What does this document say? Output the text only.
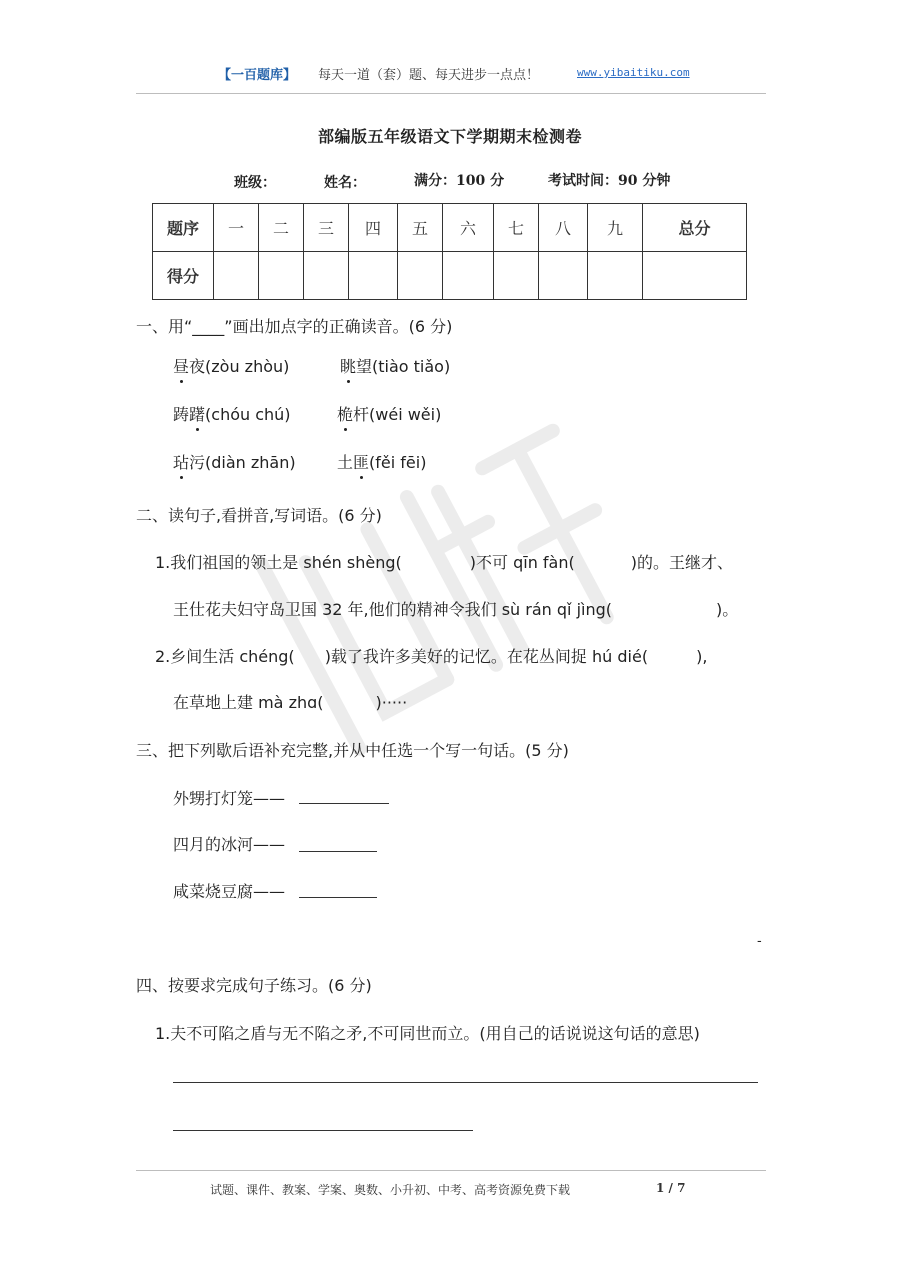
【一百题库】 每天一道（套）题、每天进步一点点！	www.yibaitiku.com
部编版五年级语文下学期期末检测卷
班级：	姓名：	满分：100 分	考试时间：90 分钟
题序	一	二	三	四	五	六	七	八	九	总分
得分										
一、用“____”画出加点字的正确读音。(6 分)
昼夜(zòu zhòu)	眺望(tiào tiǎo)
踌躇(chóu chú)	桅杆(wéi wěi)
玷污(diàn zhān)	土匪(fěi fēi)
二、读句子,看拼音,写词语。(6 分)
1.我们祖国的领土是 shén shèng(	)不可 qīn fàn(	)的。王继才、
王仕花夫妇守岛卫国 32 年,他们的精神令我们 sù rán qǐ jìng(	)。
2.乡间生活 chéng( )载了我许多美好的记忆。在花丛间捉 hú dié(	),
在草地上建 mà zhɑ(	)·····
三、把下列歇后语补充完整,并从中任选一个写一句话。(5 分)
外甥打灯笼——
四月的冰河——
咸菜烧豆腐——
-
四、按要求完成句子练习。(6 分)
1.夫不可陷之盾与无不陷之矛,不可同世而立。(用自己的话说说这句话的意思)
试题、课件、教案、学案、奥数、小升初、中考、高考资源免费下载	1 / 7
